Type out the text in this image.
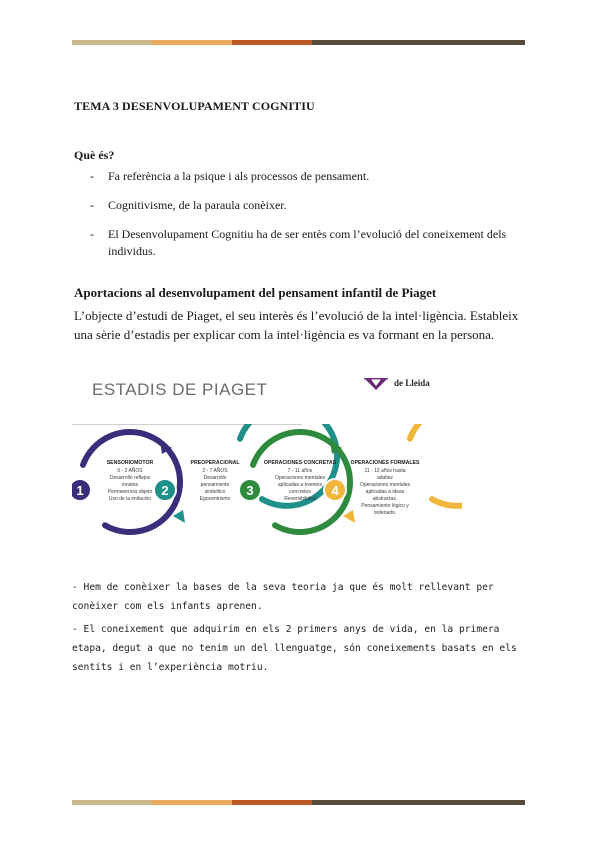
TEMA 3 DESENVOLUPAMENT COGNITIU
Què és?
- Fa referència a la psique i als processos de pensament.
- Cognitivisme, de la paraula conèixer.
- El Desenvolupament Cognitiu ha de ser entès com l’evolució del coneixement dels individus.
Aportacions al desenvolupament del pensament infantil de Piaget
L’objecte d’estudi de Piaget, el seu interès és l’evolució de la intel·ligència. Estableix una sèrie d’estadis per explicar com la intel·ligència es va formant en la persona.
ESTADIS DE PIAGET	de Lleida
1
SENSORIOMOTOR
0 - 2 AÑOS
Desarrollo reflejos
innatos
Permanencia objeto
Uso de la imitación
2
PREOPERACIONAL
2 - 7 AÑOS
Desarrollo
pensamiento
simbólico
Egocentrismo
3
OPERACIONES CONCRETAS
7 - 11 años
Operaciones mentales
aplicadas a eventos
concretos
Reversibilidad
4
OPERACIONES FORMALES
11 - 12 años hasta
adultez
Operaciones mentales
aplicadas a ideas
abstractas.
Pensamiento lógico y
ordenado.
- Hem de conèixer la bases de la seva teoria ja que és molt rellevant per conèixer com els infants aprenen.
- El coneixement que adquirim en els 2 primers anys de vida, en la primera etapa, degut a que no tenim un del llenguatge, són coneixements basats en els sentits i en l’experiència motriu.
